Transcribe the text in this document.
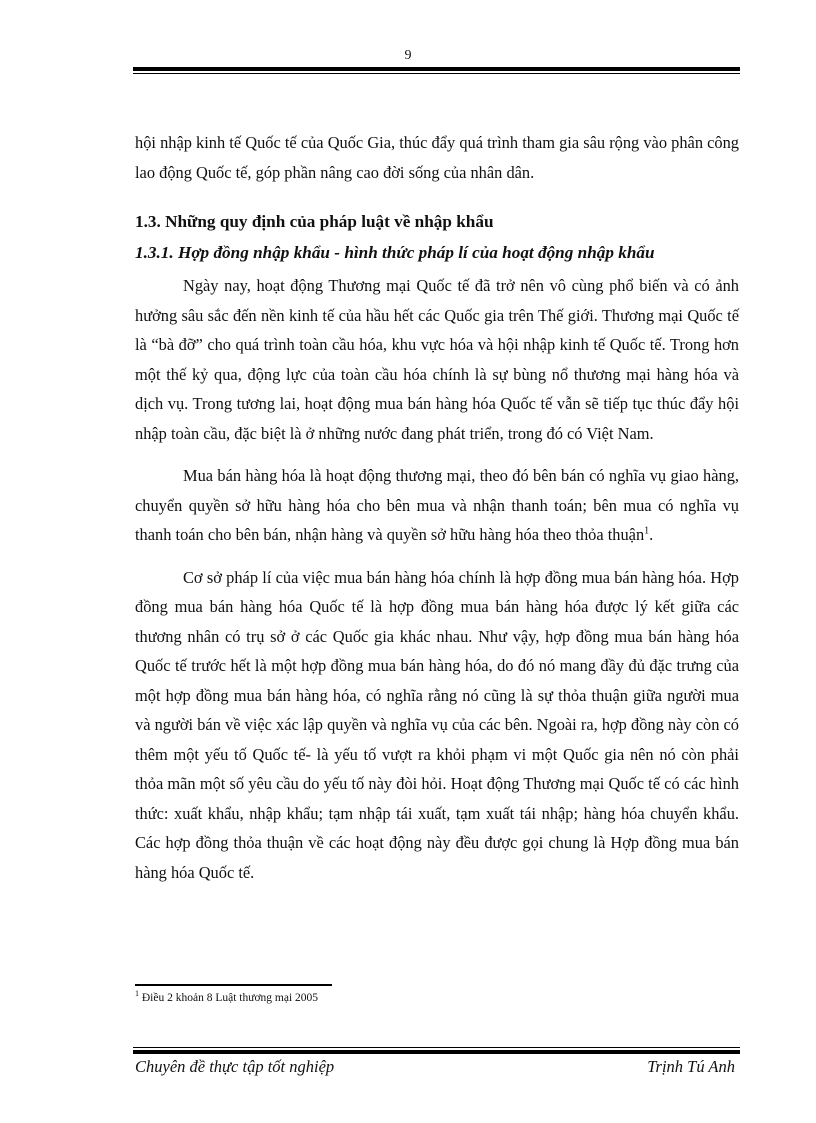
9

hội nhập kinh tế Quốc tế của Quốc Gia, thúc đẩy quá trình tham gia sâu rộng vào phân công lao động Quốc tế, góp phần nâng cao đời sống của nhân dân.

1.3. Những quy định của pháp luật về nhập khẩu
1.3.1. Hợp đồng nhập khẩu - hình thức pháp lí của hoạt động nhập khẩu

Ngày nay, hoạt động Thương mại Quốc tế đã trở nên vô cùng phổ biến và có ảnh hưởng sâu sắc đến nền kinh tế của hầu hết các Quốc gia trên Thế giới. Thương mại Quốc tế là “bà đỡ” cho quá trình toàn cầu hóa, khu vực hóa và hội nhập kinh tế Quốc tế. Trong hơn một thế kỷ qua, động lực của toàn cầu hóa chính là sự bùng nổ thương mại hàng hóa và dịch vụ. Trong tương lai, hoạt động mua bán hàng hóa Quốc tế vẫn sẽ tiếp tục thúc đẩy hội nhập toàn cầu, đặc biệt là ở những nước đang phát triển, trong đó có Việt Nam.

Mua bán hàng hóa là hoạt động thương mại, theo đó bên bán có nghĩa vụ giao hàng, chuyển quyền sở hữu hàng hóa cho bên mua và nhận thanh toán; bên mua có nghĩa vụ thanh toán cho bên bán, nhận hàng và quyền sở hữu hàng hóa theo thỏa thuận$^1$.

Cơ sở pháp lí của việc mua bán hàng hóa chính là hợp đồng mua bán hàng hóa. Hợp đồng mua bán hàng hóa Quốc tế là hợp đồng mua bán hàng hóa được lý kết giữa các thương nhân có trụ sở ở các Quốc gia khác nhau. Như vậy, hợp đồng mua bán hàng hóa Quốc tế trước hết là một hợp đồng mua bán hàng hóa, do đó nó mang đầy đủ đặc trưng của một hợp đồng mua bán hàng hóa, có nghĩa rằng nó cũng là sự thỏa thuận giữa người mua và người bán về việc xác lập quyền và nghĩa vụ của các bên. Ngoài ra, hợp đồng này còn có thêm một yếu tố Quốc tế- là yếu tố vượt ra khỏi phạm vi một Quốc gia nên nó còn phải thỏa mãn một số yêu cầu do yếu tố này đòi hỏi. Hoạt động Thương mại Quốc tế có các hình thức: xuất khẩu, nhập khẩu; tạm nhập tái xuất, tạm xuất tái nhập; hàng hóa chuyển khẩu. Các hợp đồng thỏa thuận về các hoạt động này đều được gọi chung là Hợp đồng mua bán hàng hóa Quốc tế.

$^1$ Điều 2 khoản 8 Luật thương mại 2005
Chuyên đề thực tập tốt nghiệp	Trịnh Tú Anh
